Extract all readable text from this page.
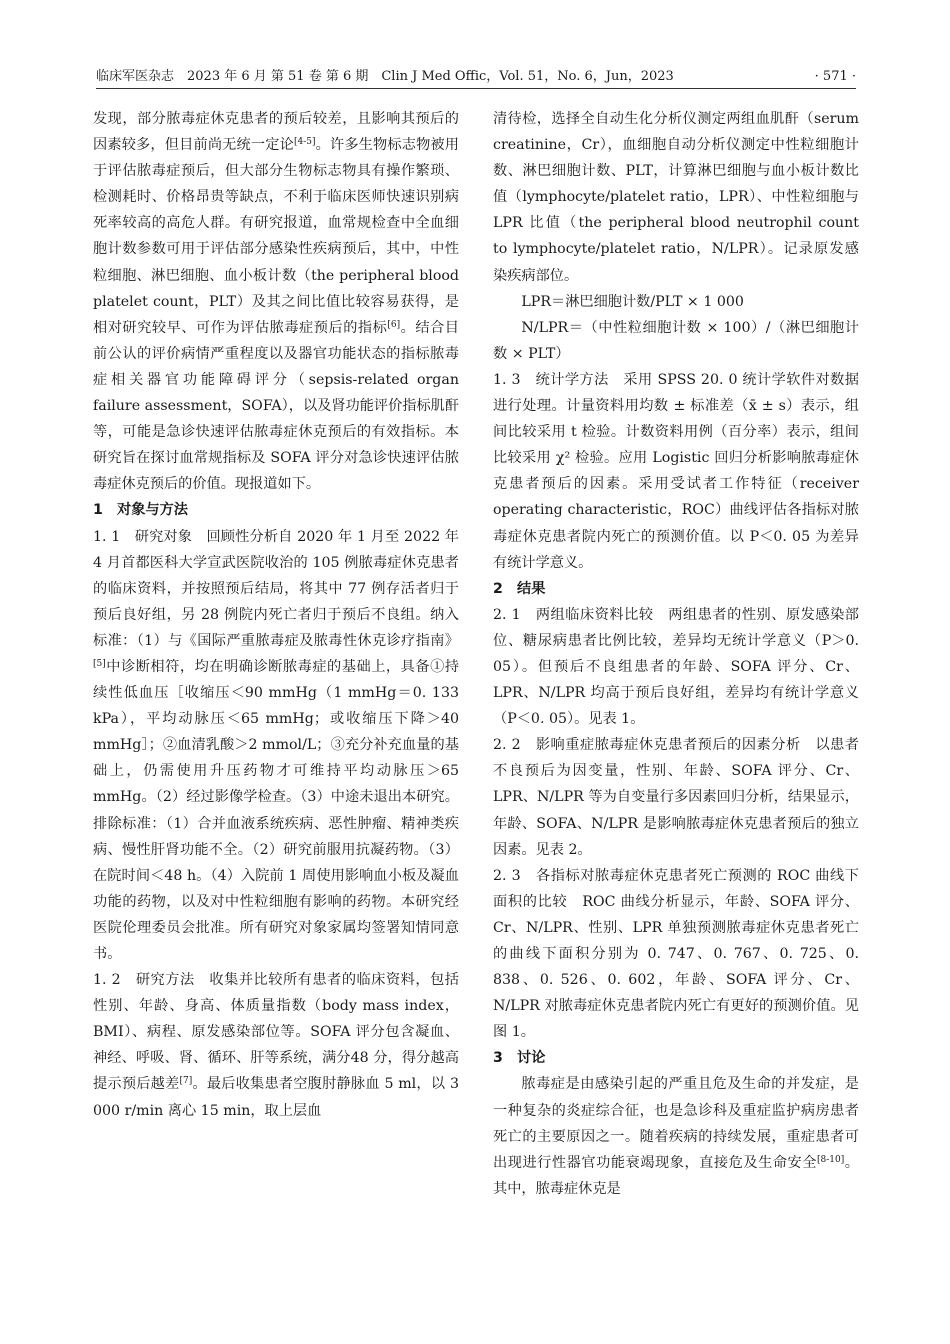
临床军医杂志　2023 年 6 月 第 51 卷 第 6 期　Clin J Med Offic，Vol. 51，No. 6，Jun，2023	· 571 ·

发现，部分脓毒症休克患者的预后较差，且影响其预后的因素较多，但目前尚无统一定论[4-5]。许多生物标志物被用于评估脓毒症预后，但大部分生物标志物具有操作繁琐、检测耗时、价格昂贵等缺点，不利于临床医师快速识别病死率较高的高危人群。有研究报道，血常规检查中全血细胞计数参数可用于评估部分感染性疾病预后，其中，中性粒细胞、淋巴细胞、血小板计数（the peripheral blood platelet count，PLT）及其之间比值比较容易获得，是相对研究较早、可作为评估脓毒症预后的指标[6]。结合目前公认的评价病情严重程度以及器官功能状态的指标脓毒症相关器官功能障碍评分（sepsis-related organ failure assessment，SOFA），以及肾功能评价指标肌酐等，可能是急诊快速评估脓毒症休克预后的有效指标。本研究旨在探讨血常规指标及 SOFA 评分对急诊快速评估脓毒症休克预后的价值。现报道如下。

1　对象与方法

1. 1　研究对象　回顾性分析自 2020 年 1 月至 2022 年 4 月首都医科大学宣武医院收治的 105 例脓毒症休克患者的临床资料，并按照预后结局，将其中 77 例存活者归于预后良好组，另 28 例院内死亡者归于预后不良组。纳入标准：（1）与《国际严重脓毒症及脓毒性休克诊疗指南》[5]中诊断相符，均在明确诊断脓毒症的基础上，具备①持续性低血压［收缩压＜90 mmHg（1 mmHg＝0. 133 kPa），平均动脉压＜65 mmHg；或收缩压下降＞40 mmHg］；②血清乳酸＞2 mmol/L；③充分补充血量的基础上，仍需使用升压药物才可维持平均动脉压＞65 mmHg。（2）经过影像学检查。（3）中途未退出本研究。排除标准：（1）合并血液系统疾病、恶性肿瘤、精神类疾病、慢性肝肾功能不全。（2）研究前服用抗凝药物。（3）在院时间＜48 h。（4）入院前 1 周使用影响血小板及凝血功能的药物，以及对中性粒细胞有影响的药物。本研究经医院伦理委员会批准。所有研究对象家属均签署知情同意书。

1. 2　研究方法　收集并比较所有患者的临床资料，包括性别、年龄、身高、体质量指数（body mass index，BMI）、病程、原发感染部位等。SOFA 评分包含凝血、神经、呼吸、肾、循环、肝等系统，满分48 分，得分越高提示预后越差[7]。最后收集患者空腹肘静脉血 5 ml，以 3 000 r/min 离心 15 min，取上层血

清待检，选择全自动生化分析仪测定两组血肌酐（serum creatinine，Cr），血细胞自动分析仪测定中性粒细胞计数、淋巴细胞计数、PLT，计算淋巴细胞与血小板计数比值（lymphocyte/platelet ratio，LPR）、中性粒细胞与 LPR 比值（the peripheral blood neutrophil count to lymphocyte/platelet ratio，N/LPR）。记录原发感染疾病部位。

LPR＝淋巴细胞计数/PLT × 1 000

N/LPR＝（中性粒细胞计数 × 100）/（淋巴细胞计数 × PLT）

1. 3　统计学方法　采用 SPSS 20. 0 统计学软件对数据进行处理。计量资料用均数 ± 标准差（x̄ ± s）表示，组间比较采用 t 检验。计数资料用例（百分率）表示，组间比较采用 χ² 检验。应用 Logistic 回归分析影响脓毒症休克患者预后的因素。采用受试者工作特征（receiver operating characteristic，ROC）曲线评估各指标对脓毒症休克患者院内死亡的预测价值。以 P＜0. 05 为差异有统计学意义。

2　结果

2. 1　两组临床资料比较　两组患者的性别、原发感染部位、糖尿病患者比例比较，差异均无统计学意义（P＞0. 05）。但预后不良组患者的年龄、SOFA 评分、Cr、LPR、N/LPR 均高于预后良好组，差异均有统计学意义（P＜0. 05）。见表 1。

2. 2　影响重症脓毒症休克患者预后的因素分析　以患者不良预后为因变量，性别、年龄、SOFA 评分、Cr、LPR、N/LPR 等为自变量行多因素回归分析，结果显示，年龄、SOFA、N/LPR 是影响脓毒症休克患者预后的独立因素。见表 2。

2. 3　各指标对脓毒症休克患者死亡预测的 ROC 曲线下面积的比较　ROC 曲线分析显示，年龄、SOFA 评分、Cr、N/LPR、性别、LPR 单独预测脓毒症休克患者死亡的曲线下面积分别为 0. 747、0. 767、0. 725、0. 838、0. 526、0. 602，年龄、SOFA 评分、Cr、N/LPR 对脓毒症休克患者院内死亡有更好的预测价值。见图 1。

3　讨论

脓毒症是由感染引起的严重且危及生命的并发症，是一种复杂的炎症综合征，也是急诊科及重症监护病房患者死亡的主要原因之一。随着疾病的持续发展，重症患者可出现进行性器官功能衰竭现象，直接危及生命安全[8-10]。其中，脓毒症休克是
